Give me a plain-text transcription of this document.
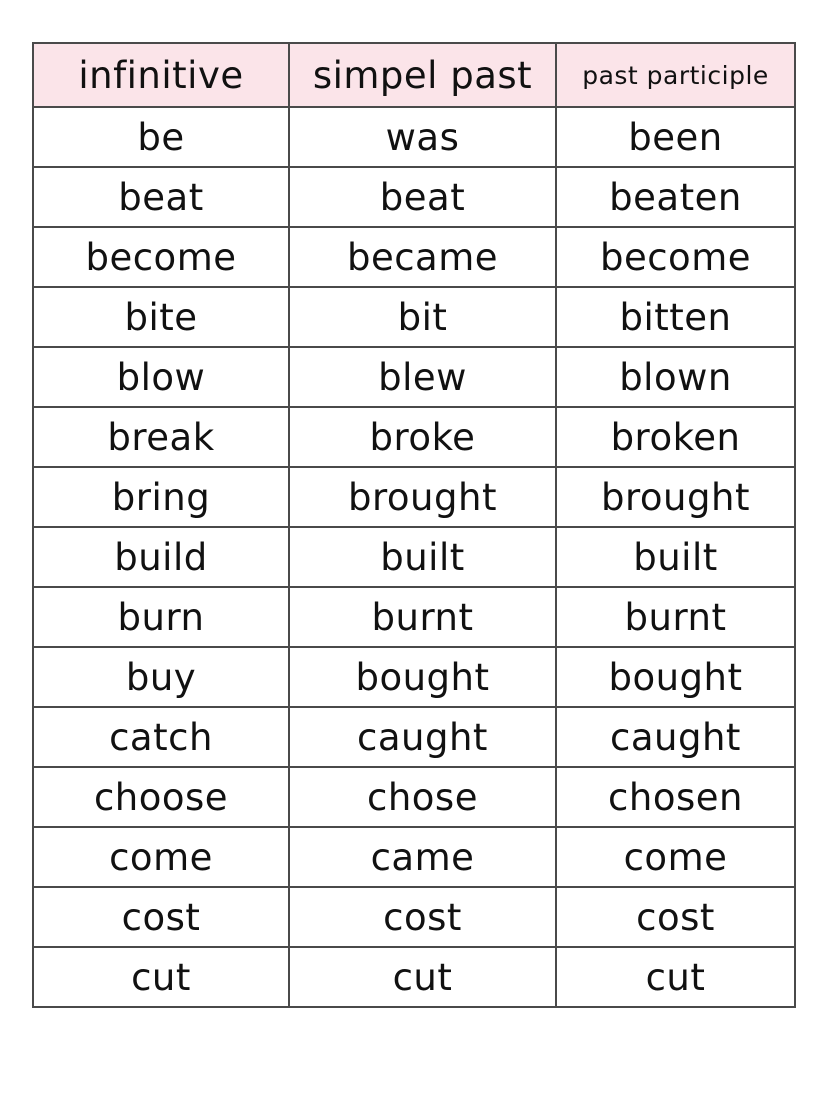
infinitive	simpel past	past participle
be	was	been
beat	beat	beaten
become	became	become
bite	bit	bitten
blow	blew	blown
break	broke	broken
bring	brought	brought
build	built	built
burn	burnt	burnt
buy	bought	bought
catch	caught	caught
choose	chose	chosen
come	came	come
cost	cost	cost
cut	cut	cut
